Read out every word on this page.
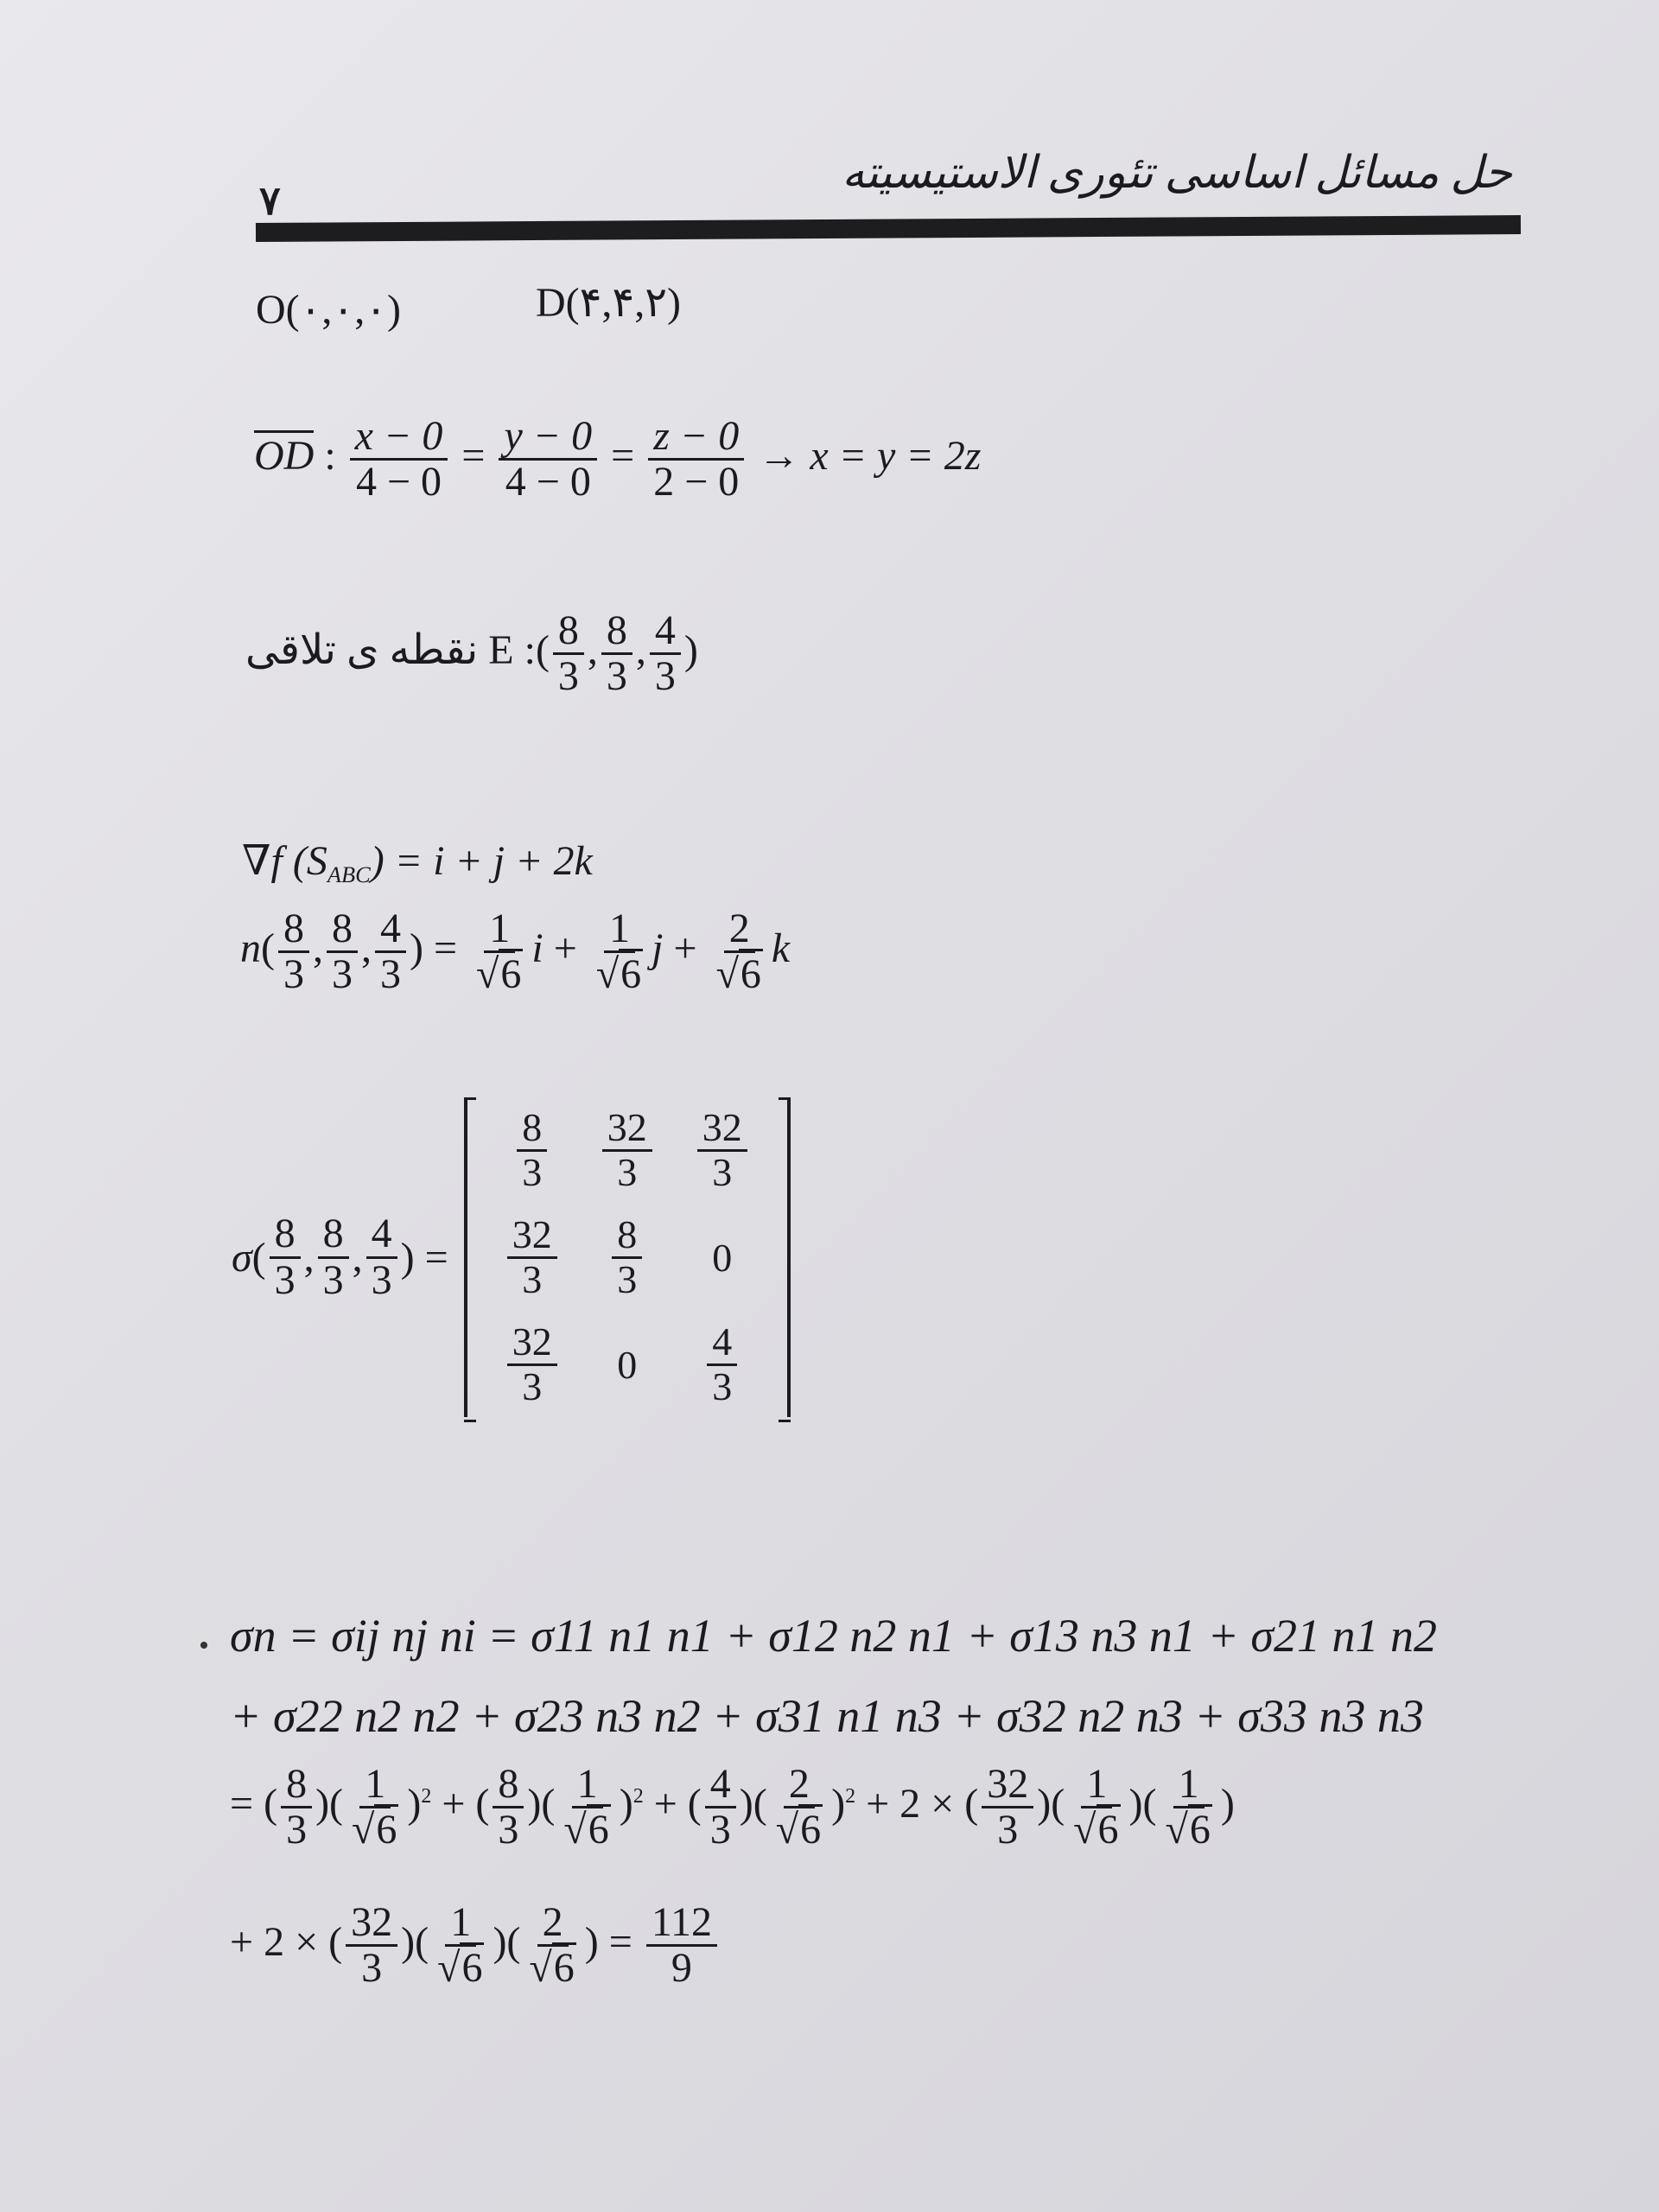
حل مسائل اساسی تئوری الاستیسیته
۷
O(۰,۰,۰)	D(۴,۴,۲)
OD : $\frac{x - 0}{4 - 0} = \frac{y - 0}{4 - 0} = \frac{z - 0}{2 - 0} \to x = y = 2z$
نقطه ی تلاقی E :( $\frac{8}{3}$ , $\frac{8}{3}$ , $\frac{4}{3}$ )
∇f $(S_{ABC}) = i + j + 2k$
$n( \frac{8}{3}$ , $\frac{8}{3}$ , $\frac{4}{3}$ ) = $\frac{1}{√6}$ $i + \frac{1}{√6}$ $j + \frac{2}{√6}$ k
σ ( $\frac{8}{3}$ , $\frac{8}{3}$ , $\frac{4}{3}$ ) =
$\frac{8}{3} \frac{32}{3} \frac{32}{3}$
$\frac{32}{3} \frac{8}{3}$	0
$\frac{32}{3}$	0	$\frac{4}{3}$
σn = σij nj ni = σ11 n1 n1 + σ12 n2 n1 + σ13 n3 n1 + σ21 n1 n2
+ σ22 n2 n2 + σ23 n3 n2 + σ31 n1 n3 + σ32 n2 n3 + σ33 n3 n3
= ( $\frac{8}{3}$ )( $\frac{1}{√6} )^2$ + ( $\frac{8}{3}$ )( $\frac{1}{√6} )^2$ + ( $\frac{4}{3}$ )( $\frac{2}{√6} )^2 + 2$ × ( $\frac{32}{3}$ )( $\frac{1}{√6}$ )( $\frac{1}{√6}$ )
+ 2 × ( $\frac{32}{3}$ )( $\frac{1}{√6}$ )( $\frac{2}{√6}$ ) = $\frac{112}{9}$
